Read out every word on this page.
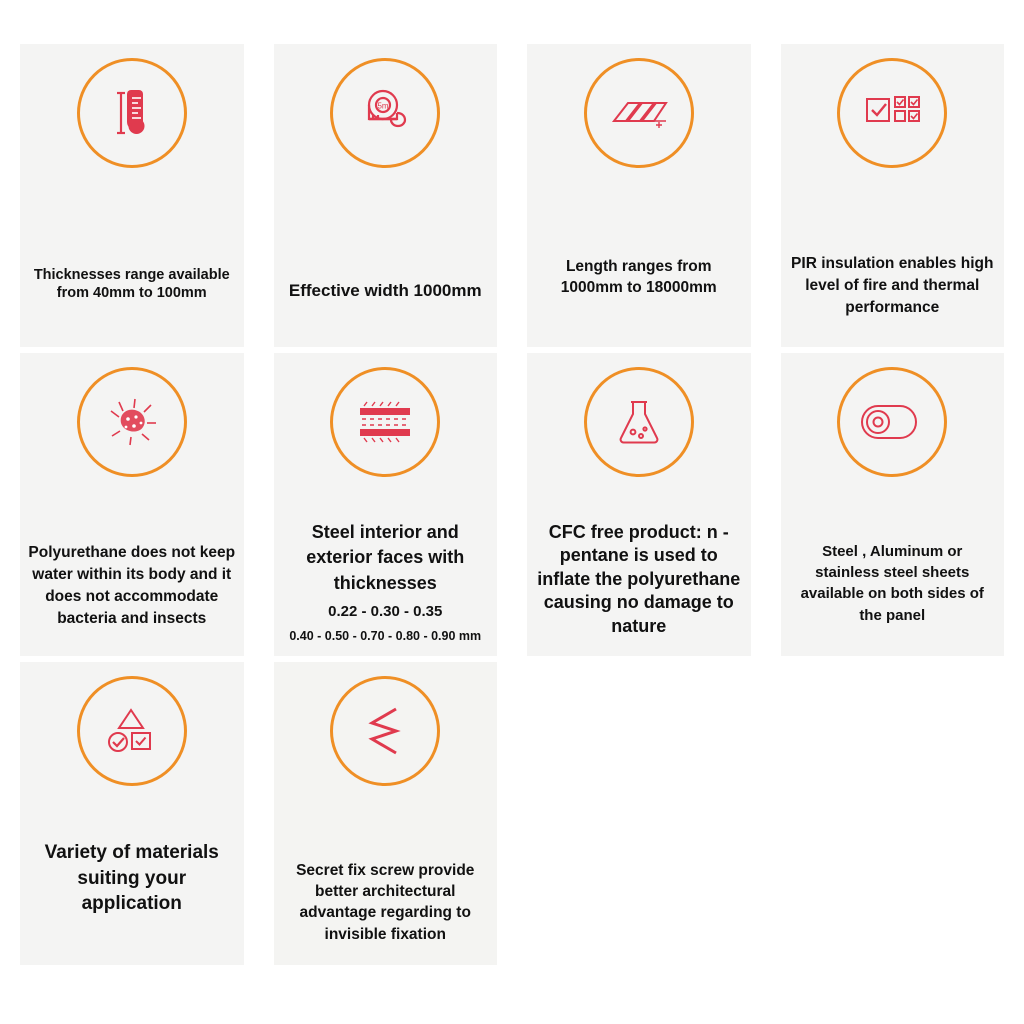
Thicknesses range available from 40mm to 100mm
5m
Effective width 1000mm
Length ranges from 1000mm to 18000mm
PIR insulation enables high level of fire and thermal performance
Polyurethane does not keep water within its body and it does not accommodate bacteria and insects
Steel interior and exterior faces with thicknesses
0.22 - 0.30 - 0.35
0.40 - 0.50 - 0.70 - 0.80 - 0.90 mm
CFC free product: n - pentane is used to inflate the polyurethane causing no damage to nature
Steel , Aluminum or stainless steel sheets available on both sides of the panel
Variety of materials suiting your application
Secret fix screw provide better architectural advantage regarding to invisible fixation
